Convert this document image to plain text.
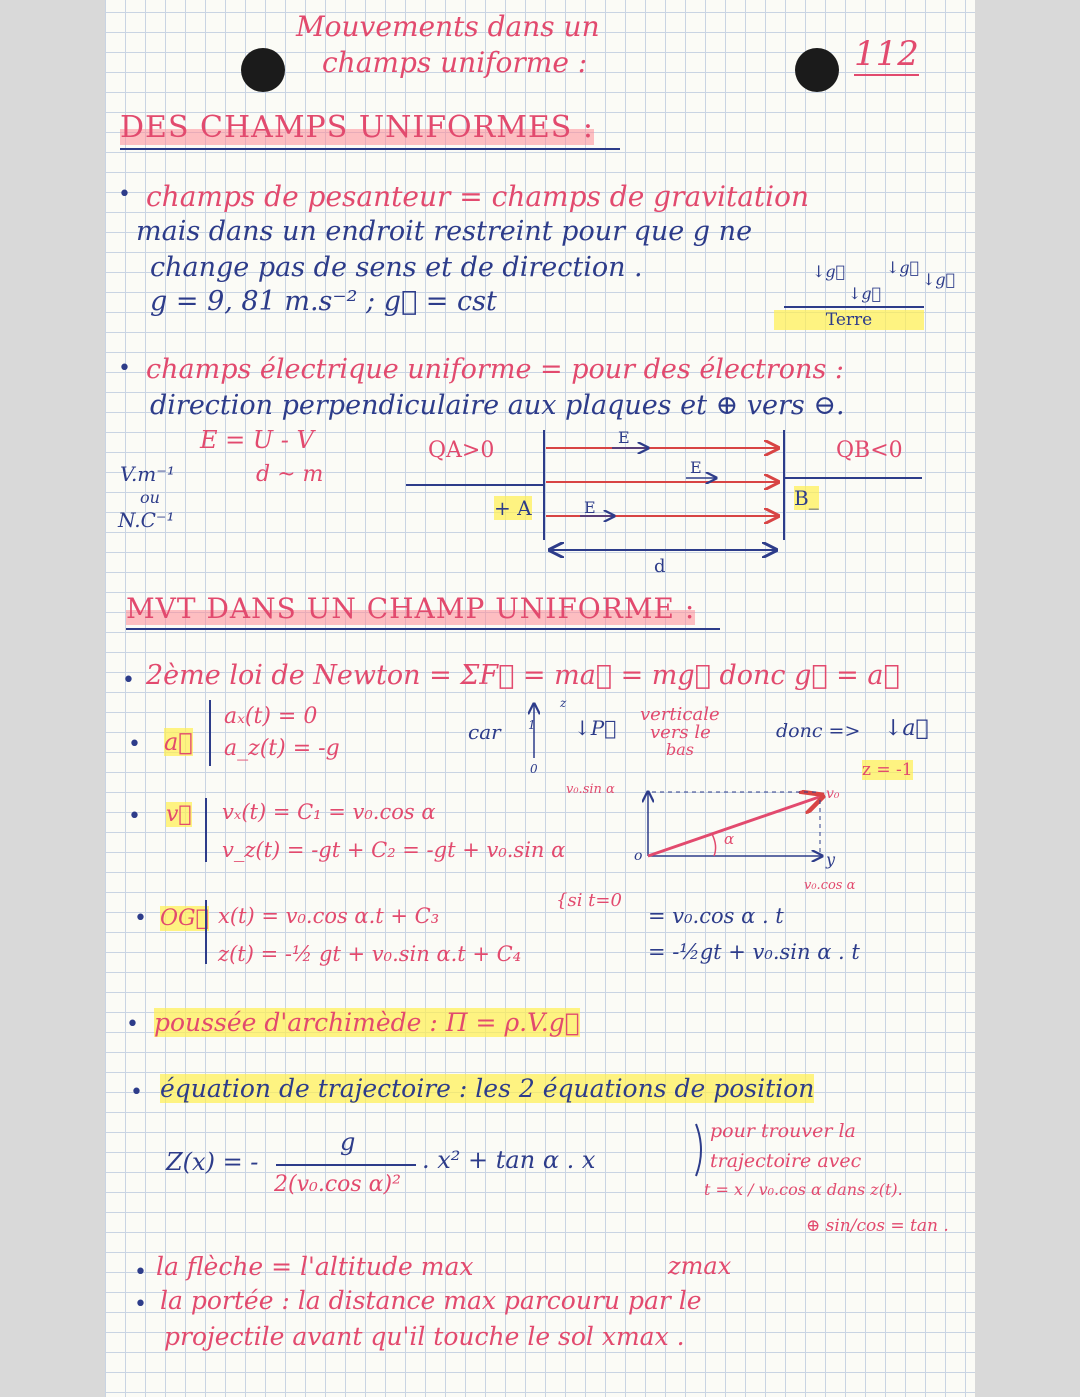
Mouvements dans un
champs uniforme :	112
DES CHAMPS UNIFORMES :
• champs de pesanteur = champs de gravitation
mais dans un endroit restreint pour que g ne
change pas de sens et de direction .
g = 9, 81 m.s⁻² ; g⃗ = cst
↓g⃗	↓g⃗
↓g⃗
↓g⃗
Terre
• champs électrique uniforme = pour des électrons :
direction perpendiculaire aux plaques et ⊕ vers ⊖.
E = U - V
d ~ m
V.m⁻¹
ou
N.C⁻¹
QA>0	QB<0
+ A	B_
E
E
E
d
MVT DANS UN CHAMP UNIFORME :
• 2ème loi de Newton = ΣF⃗ = ma⃗ = mg⃗ donc g⃗ = a⃗
• a⃗
aₓ(t) = 0
a_z(t) = -g
car 1
0
z
↓P⃗
verticale
vers le
bas
donc => ↓a⃗
z = -1
• v⃗ vₓ(t) = C₁ = v₀.cos α
v_z(t) = -gt + C₂ = -gt + v₀.sin α
v₀.sin α	v₀
v₀.cos α
α
o	y
• OG⃗ x(t) = v₀.cos α.t + C₃
z(t) = -½ gt + v₀.sin α.t + C₄
{si t=0
= v₀.cos α . t
= -½gt + v₀.sin α . t
• poussée d'archimède : Π = ρ.V.g⃗
• équation de trajectoire : les 2 équations de position
Z(x) = -
g
2(v₀.cos α)²
. x² + tan α . x
pour trouver la
trajectoire avec
t = x / v₀.cos α dans z(t).
⊕ sin/cos = tan .
• la flèche = l'altitude max	zmax
• la portée : la distance max parcouru par le
projectile avant qu'il touche le sol xmax .
